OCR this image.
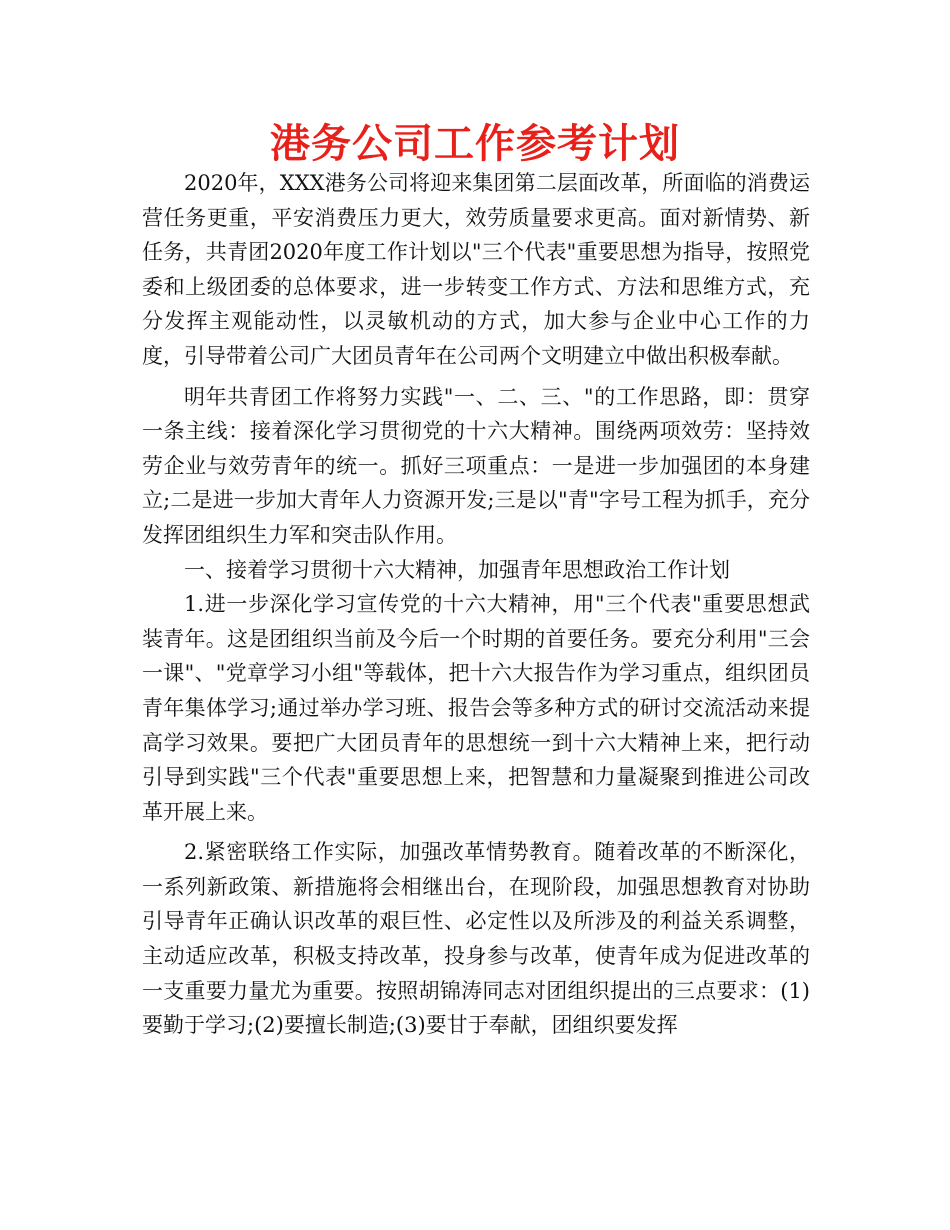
港务公司工作参考计划

2020年，XXX港务公司将迎来集团第二层面改革，所面临的消费运营任务更重，平安消费压力更大，效劳质量要求更高。面对新情势、新任务，共青团2020年度工作计划以"三个代表"重要思想为指导，按照党委和上级团委的总体要求，进一步转变工作方式、方法和思维方式，充分发挥主观能动性，以灵敏机动的方式，加大参与企业中心工作的力度，引导带着公司广大团员青年在公司两个文明建立中做出积极奉献。

明年共青团工作将努力实践"一、二、三、"的工作思路，即：贯穿一条主线：接着深化学习贯彻党的十六大精神。围绕两项效劳：坚持效劳企业与效劳青年的统一。抓好三项重点：一是进一步加强团的本身建立;二是进一步加大青年人力资源开发;三是以"青"字号工程为抓手，充分发挥团组织生力军和突击队作用。

一、接着学习贯彻十六大精神，加强青年思想政治工作计划

1.进一步深化学习宣传党的十六大精神，用"三个代表"重要思想武装青年。这是团组织当前及今后一个时期的首要任务。要充分利用"三会一课"、"党章学习小组"等载体，把十六大报告作为学习重点，组织团员青年集体学习;通过举办学习班、报告会等多种方式的研讨交流活动来提高学习效果。要把广大团员青年的思想统一到十六大精神上来，把行动引导到实践"三个代表"重要思想上来，把智慧和力量凝聚到推进公司改革开展上来。

2.紧密联络工作实际，加强改革情势教育。随着改革的不断深化，一系列新政策、新措施将会相继出台，在现阶段，加强思想教育对协助引导青年正确认识改革的艰巨性、必定性以及所涉及的利益关系调整，主动适应改革，积极支持改革，投身参与改革，使青年成为促进改革的一支重要力量尤为重要。按照胡锦涛同志对团组织提出的三点要求：(1)要勤于学习;(2)要擅长制造;(3)要甘于奉献，团组织要发挥
